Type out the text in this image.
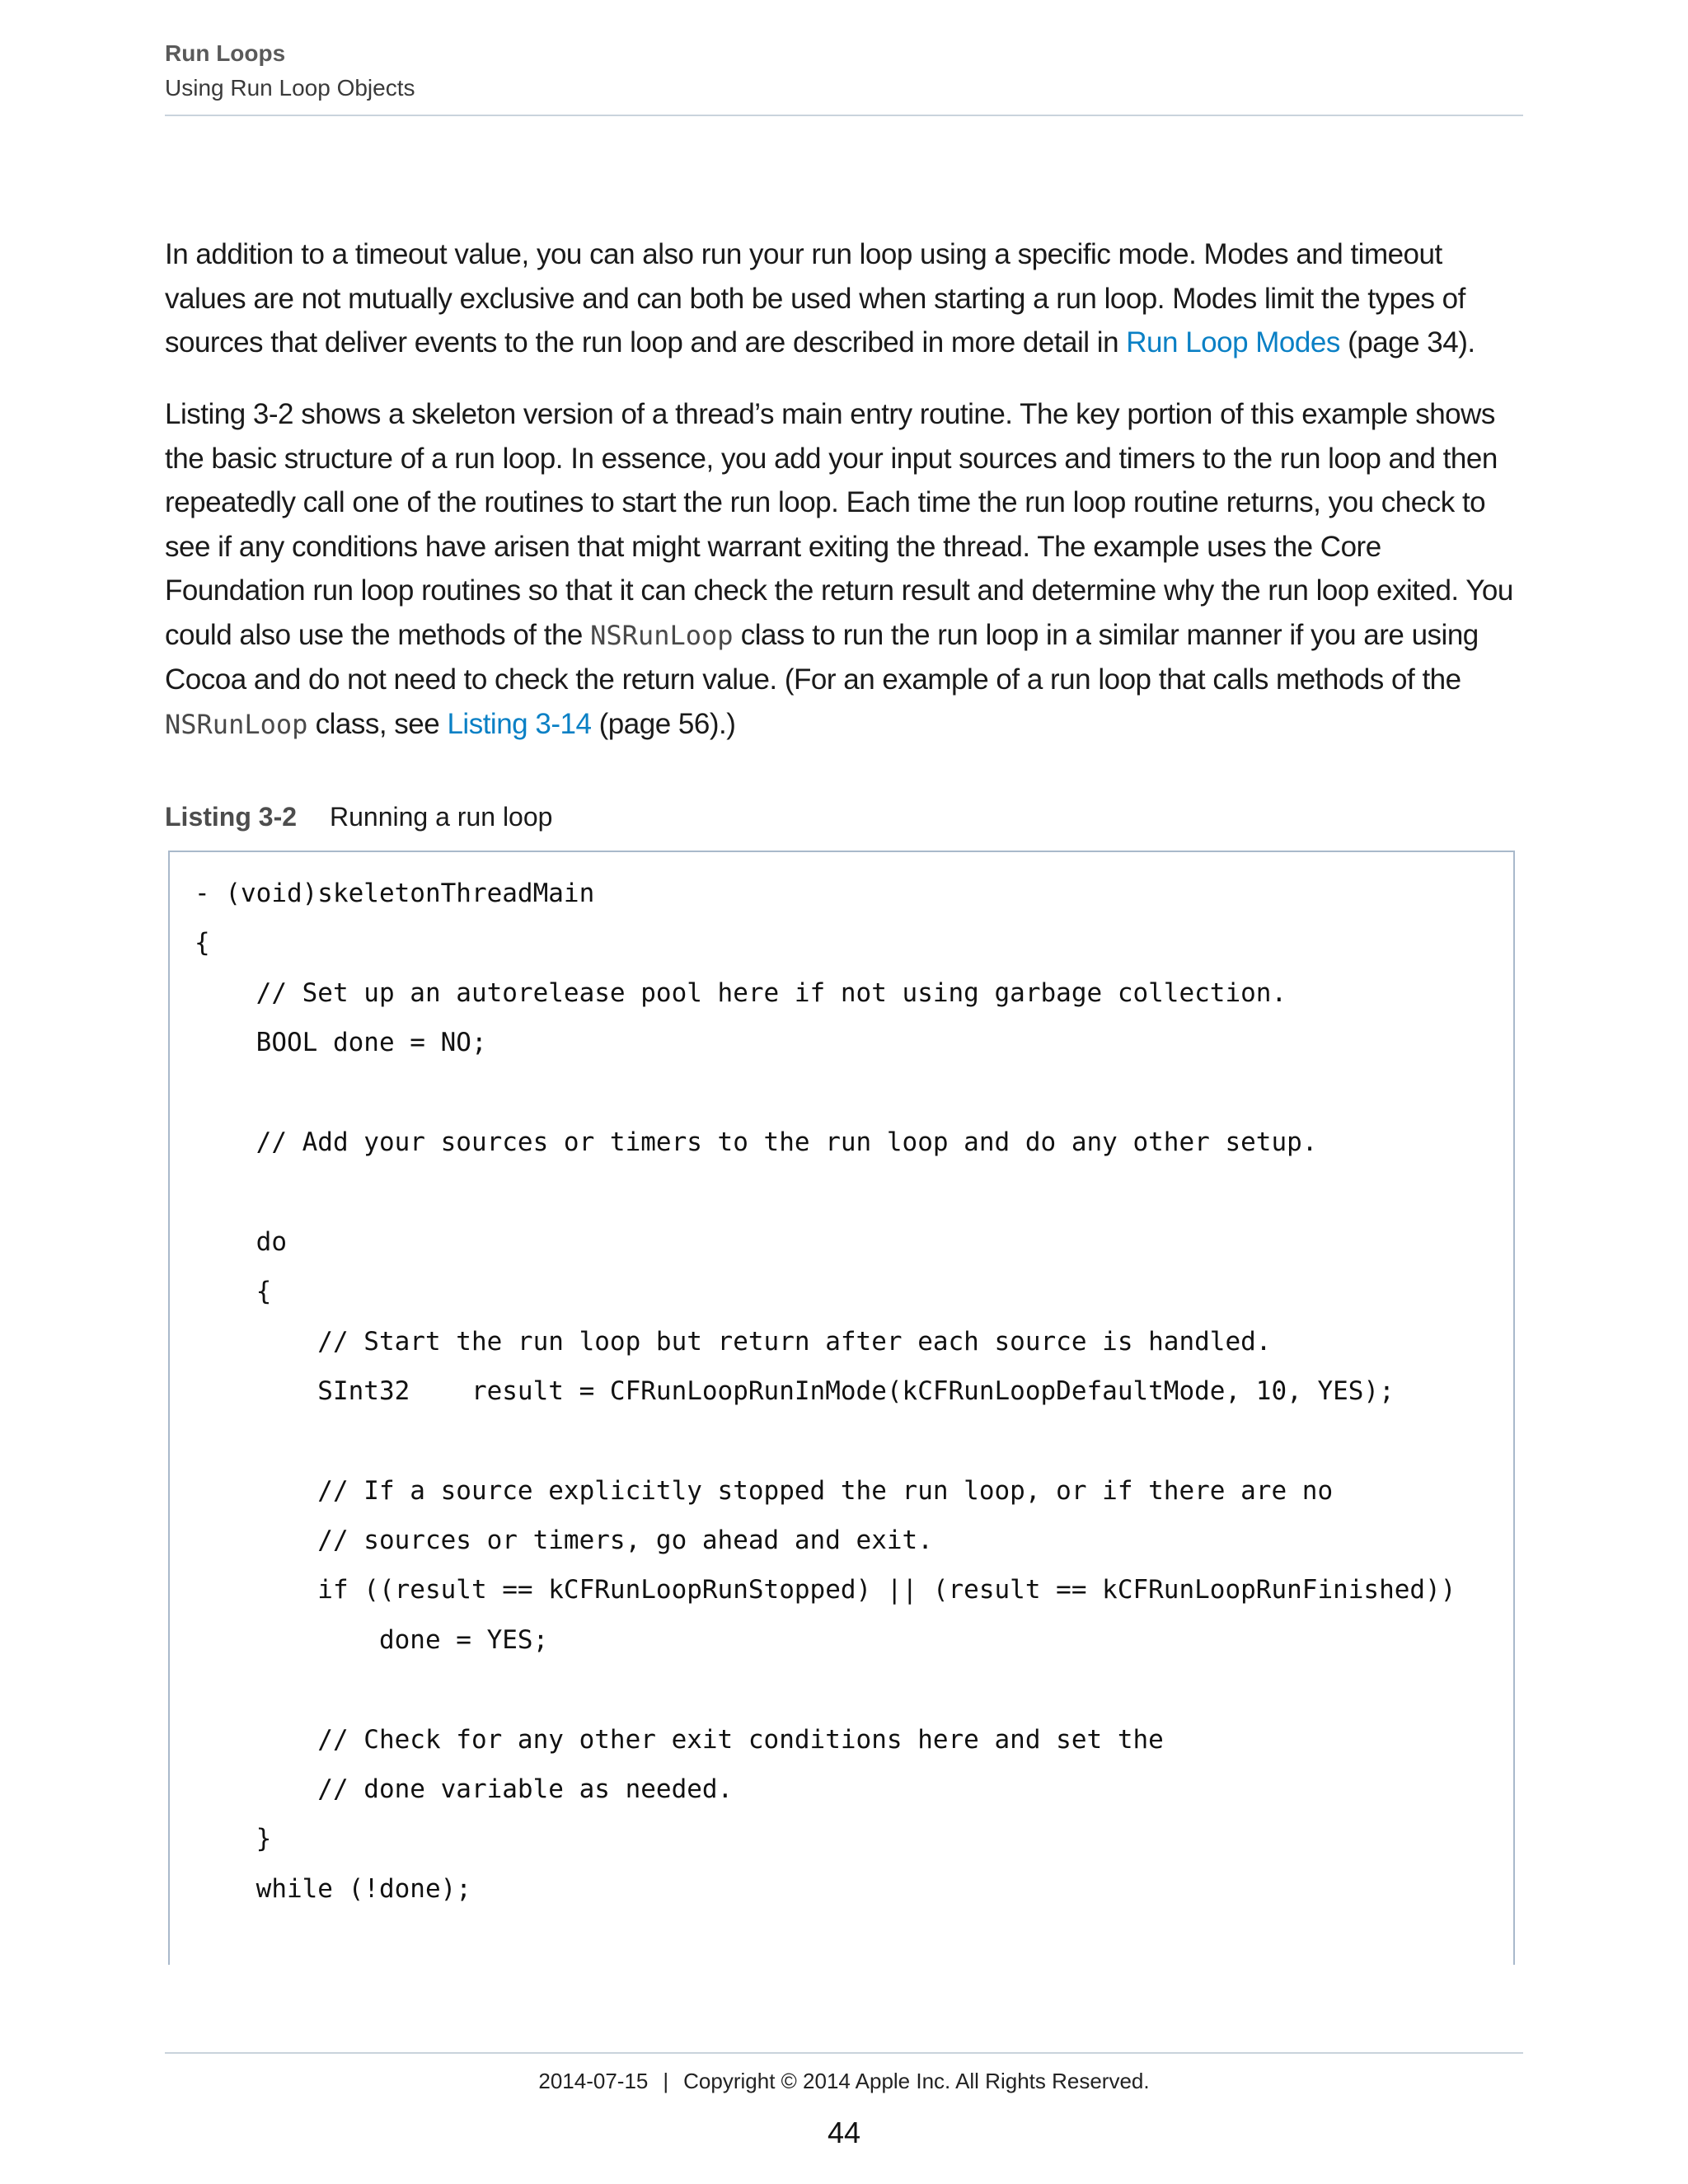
Run Loops
Using Run Loop Objects
In addition to a timeout value, you can also run your run loop using a specific mode. Modes and timeout values are not mutually exclusive and can both be used when starting a run loop. Modes limit the types of sources that deliver events to the run loop and are described in more detail in Run Loop Modes (page 34).
Listing 3-2 shows a skeleton version of a thread’s main entry routine. The key portion of this example shows the basic structure of a run loop. In essence, you add your input sources and timers to the run loop and then repeatedly call one of the routines to start the run loop. Each time the run loop routine returns, you check to see if any conditions have arisen that might warrant exiting the thread. The example uses the Core Foundation run loop routines so that it can check the return result and determine why the run loop exited. You could also use the methods of the NSRunLoop class to run the run loop in a similar manner if you are using Cocoa and do not need to check the return value. (For an example of a run loop that calls methods of the NSRunLoop class, see Listing 3-14 (page 56).)
Listing 3-2 Running a run loop
- (void)skeletonThreadMain
{
// Set up an autorelease pool here if not using garbage collection.
BOOL done = NO;
// Add your sources or timers to the run loop and do any other setup.
do
{
// Start the run loop but return after each source is handled.
SInt32    result = CFRunLoopRunInMode(kCFRunLoopDefaultMode, 10, YES);
// If a source explicitly stopped the run loop, or if there are no
// sources or timers, go ahead and exit.
if ((result == kCFRunLoopRunStopped) || (result == kCFRunLoopRunFinished))
done = YES;
// Check for any other exit conditions here and set the
// done variable as needed.
}
while (!done);
2014-07-15 | Copyright © 2014 Apple Inc. All Rights Reserved.
44
